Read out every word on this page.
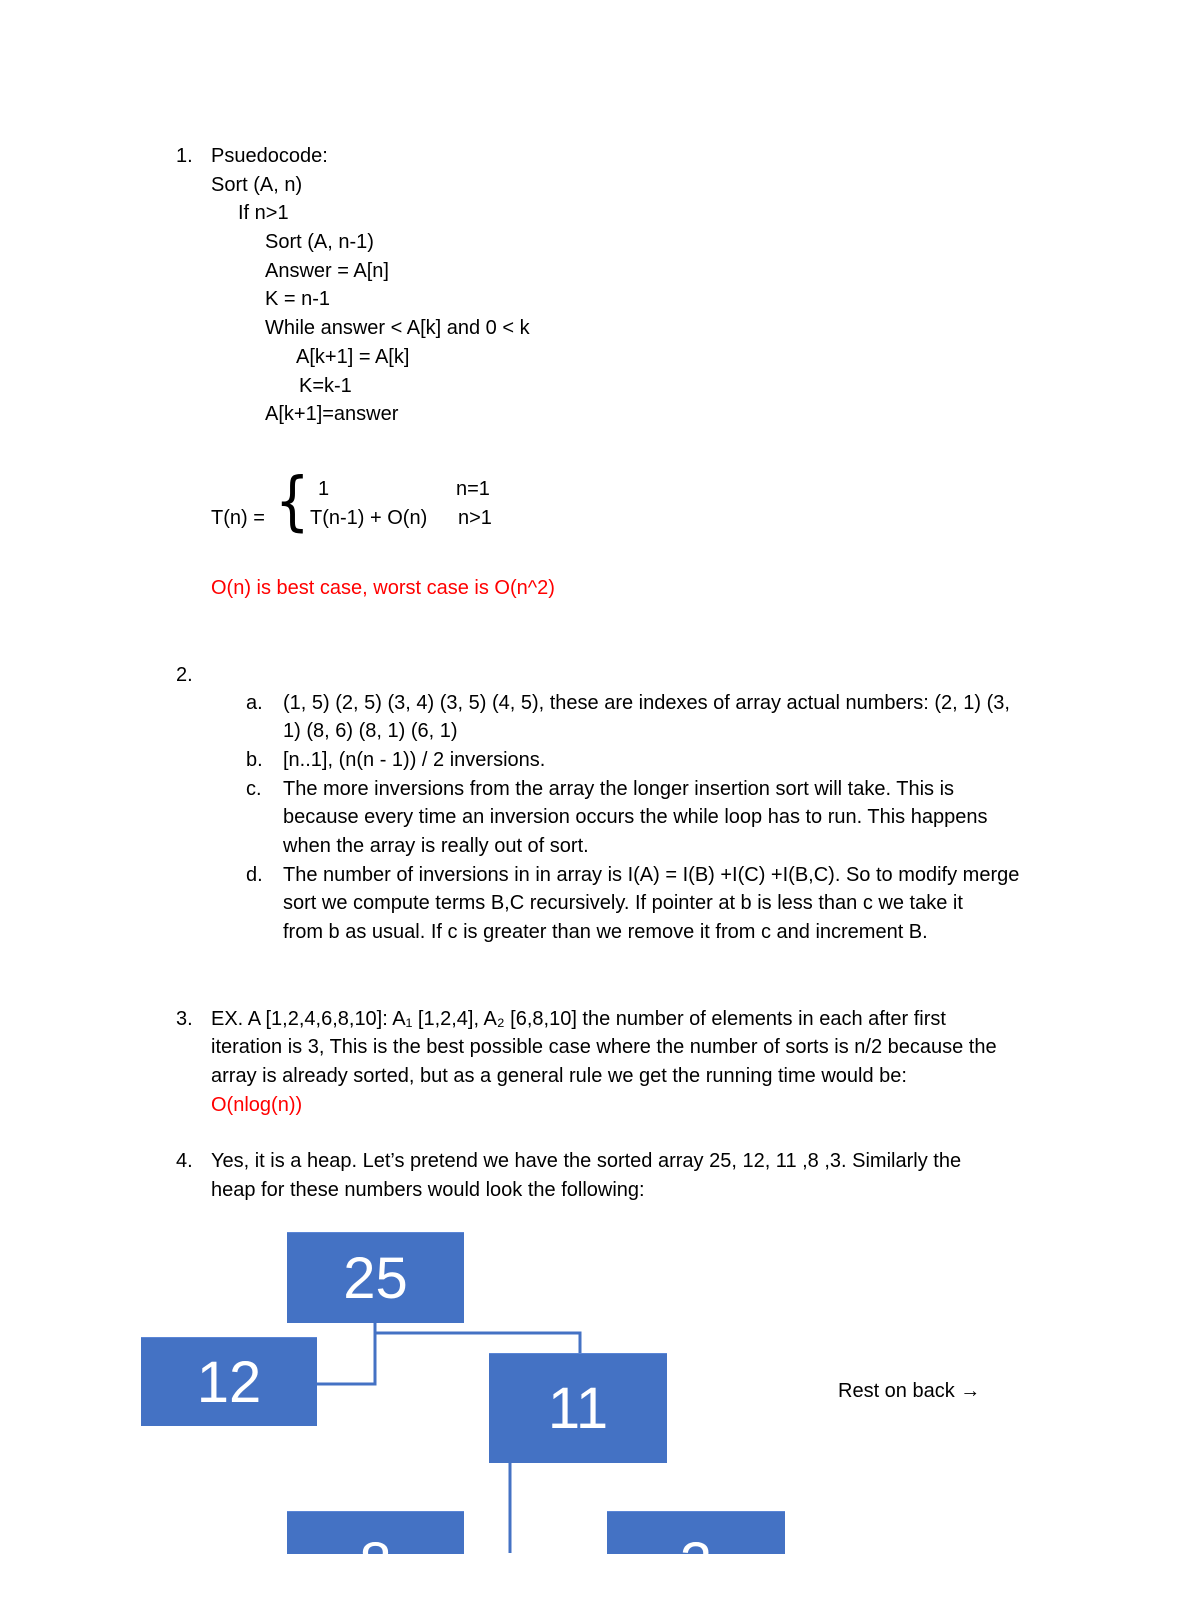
1. Psuedocode:
Sort (A, n)
If n>1
Sort (A, n-1)
Answer = A[n]
K = n-1
While answer < A[k] and 0 < k
A[k+1] = A[k]
K=k-1
A[k+1]=answer
T(n) = { 1	n=1
T(n-1) + O(n) n>1
O(n) is best case, worst case is O(n^2)
2.
a. (1, 5) (2, 5) (3, 4) (3, 5) (4, 5), these are indexes of array actual numbers: (2, 1) (3,
1) (8, 6) (8, 1) (6, 1)
b. [n..1], (n(n - 1)) / 2 inversions.
c. The more inversions from the array the longer insertion sort will take. This is
because every time an inversion occurs the while loop has to run. This happens
when the array is really out of sort.
d. The number of inversions in in array is I(A) = I(B) +I(C) +I(B,C). So to modify merge
sort we compute terms B,C recursively. If pointer at b is less than c we take it
from b as usual. If c is greater than we remove it from c and increment B.
3. EX. A [1,2,4,6,8,10]: A₁ [1,2,4], A₂ [6,8,10] the number of elements in each after first
iteration is 3, This is the best possible case where the number of sorts is n/2 because the
array is already sorted, but as a general rule we get the running time would be:
O(nlog(n))
4. Yes, it is a heap. Let’s pretend we have the sorted array 25, 12, 11 ,8 ,3. Similarly the
heap for these numbers would look the following:
25
12	11
8	3
Rest on back →
